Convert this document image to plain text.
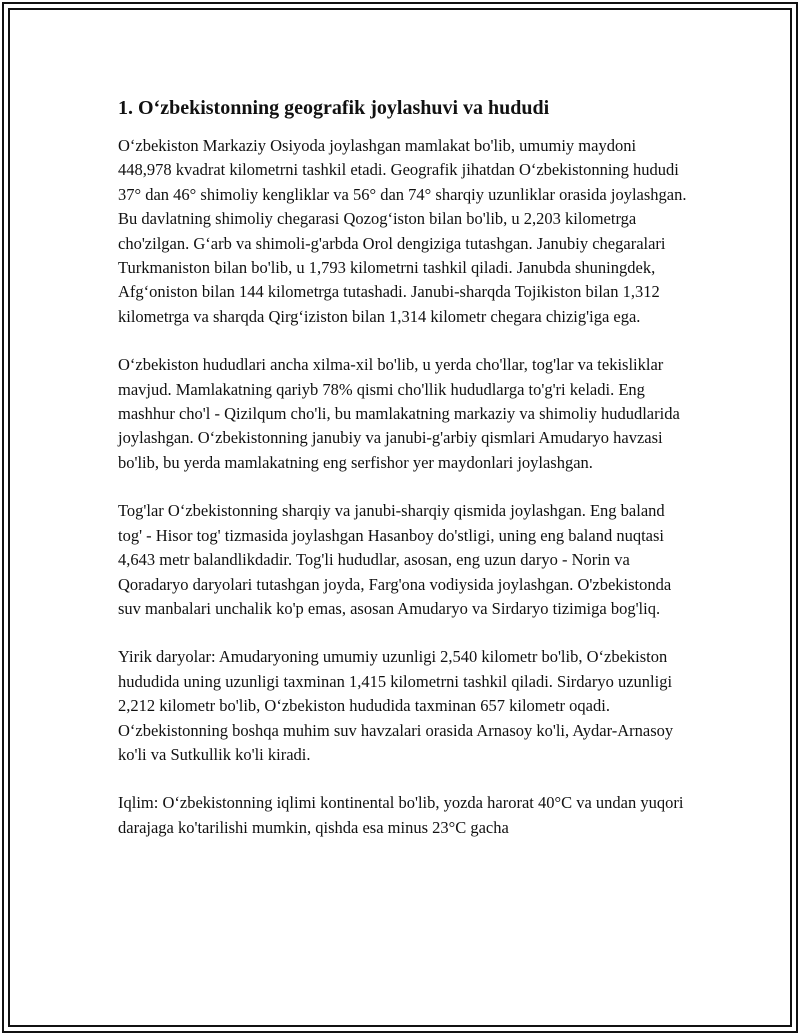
1. O‘zbekistonning geografik joylashuvi va hududi

O‘zbekiston Markaziy Osiyoda joylashgan mamlakat bo'lib, umumiy maydoni 448,978 kvadrat kilometrni tashkil etadi. Geografik jihatdan O‘zbekistonning hududi 37° dan 46° shimoliy kengliklar va 56° dan 74° sharqiy uzunliklar orasida joylashgan. Bu davlatning shimoliy chegarasi Qozog‘iston bilan bo'lib, u 2,203 kilometrga cho'zilgan. G‘arb va shimoli-g'arbda Orol dengiziga tutashgan. Janubiy chegaralari Turkmaniston bilan bo'lib, u 1,793 kilometrni tashkil qiladi. Janubda shuningdek, Afg‘oniston bilan 144 kilometrga tutashadi. Janubi-sharqda Tojikiston bilan 1,312 kilometrga va sharqda Qirg‘iziston bilan 1,314 kilometr chegara chizig'iga ega.

O‘zbekiston hududlari ancha xilma-xil bo'lib, u yerda cho'llar, tog'lar va tekisliklar mavjud. Mamlakatning qariyb 78% qismi cho'llik hududlarga to'g'ri keladi. Eng mashhur cho'l - Qizilqum cho'li, bu mamlakatning markaziy va shimoliy hududlarida joylashgan. O‘zbekistonning janubiy va janubi-g'arbiy qismlari Amudaryo havzasi bo'lib, bu yerda mamlakatning eng serfishor yer maydonlari joylashgan.

Tog'lar O‘zbekistonning sharqiy va janubi-sharqiy qismida joylashgan. Eng baland tog' - Hisor tog' tizmasida joylashgan Hasanboy do'stligi, uning eng baland nuqtasi 4,643 metr balandlikdadir. Tog'li hududlar, asosan, eng uzun daryo - Norin va Qoradaryo daryolari tutashgan joyda, Farg'ona vodiysida joylashgan. O'zbekistonda suv manbalari unchalik ko'p emas, asosan Amudaryo va Sirdaryo tizimiga bog'liq.

Yirik daryolar: Amudaryoning umumiy uzunligi 2,540 kilometr bo'lib, O‘zbekiston hududida uning uzunligi taxminan 1,415 kilometrni tashkil qiladi. Sirdaryo uzunligi 2,212 kilometr bo'lib, O‘zbekiston hududida taxminan 657 kilometr oqadi. O‘zbekistonning boshqa muhim suv havzalari orasida Arnasoy ko'li, Aydar-Arnasoy ko'li va Sutkullik ko'li kiradi.

Iqlim: O‘zbekistonning iqlimi kontinental bo'lib, yozda harorat 40°C va undan yuqori darajaga ko'tarilishi mumkin, qishda esa minus 23°C gacha
